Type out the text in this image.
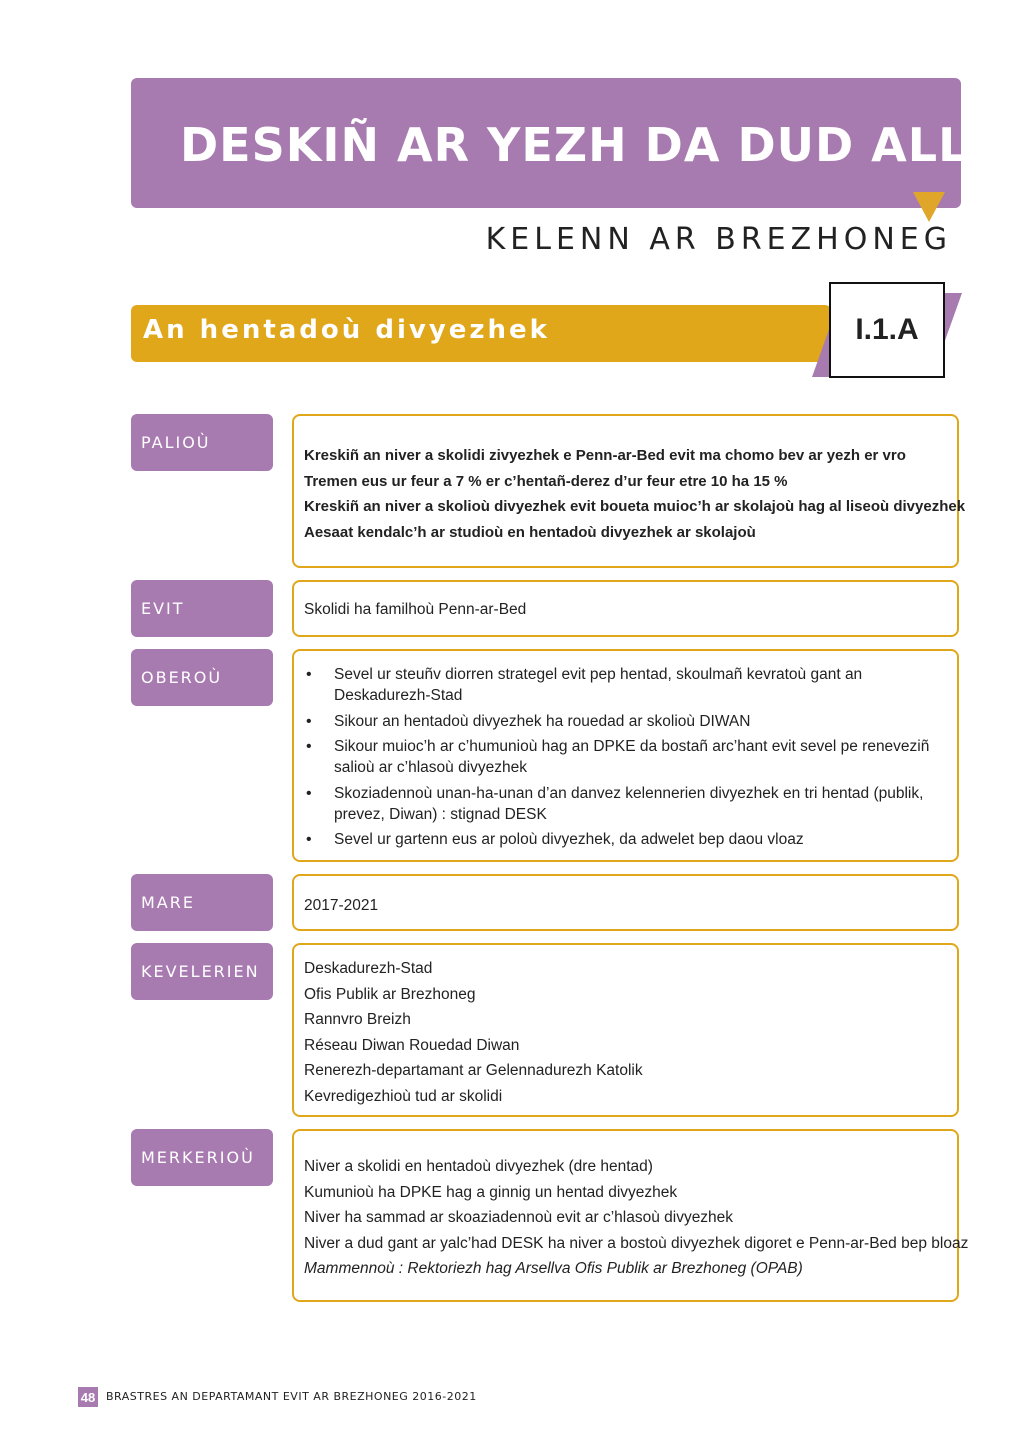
DESKIÑ AR YEZH DA DUD ALL
KELENN AR BREZHONEG
An hentadoù divyezhek	I.1.A
PALIOÙ
Kreskiñ an niver a skolidi zivyezhek e Penn-ar-Bed evit ma chomo bev ar yezh er vro
Tremen eus ur feur a 7 % er c’hentañ-derez d’ur feur etre 10 ha 15 %
Kreskiñ an niver a skolioù divyezhek evit boueta muioc’h ar skolajoù hag al liseoù divyezhek
Aesaat kendalc’h ar studioù en hentadoù divyezhek ar skolajoù
EVIT	Skolidi ha familhoù Penn-ar-Bed
OBEROÙ
•	Sevel ur steuñv diorren strategel evit pep hentad, skoulmañ kevratoù gant an Deskadurezh-Stad
• Sikour an hentadoù divyezhek ha rouedad ar skolioù DIWAN
• Sikour muioc’h ar c’humunioù hag an DPKE da bostañ arc’hant evit sevel pe reneveziñ salioù ar c’hlasoù divyezhek
• Skoziadennoù unan-ha-unan d’an danvez kelennerien divyezhek en tri hentad (publik, prevez, Diwan) : stignad DESK
• Sevel ur gartenn eus ar poloù divyezhek, da adwelet bep daou vloaz
MARE	2017-2021
KEVELERIEN	Deskadurezh-Stad
Ofis Publik ar Brezhoneg
Rannvro Breizh
Réseau Diwan Rouedad Diwan
Renerezh-departamant ar Gelennadurezh Katolik
Kevredigezhioù tud ar skolidi
MERKERIOÙ	Niver a skolidi en hentadoù divyezhek (dre hentad)
Kumunioù ha DPKE hag a ginnig un hentad divyezhek
Niver ha sammad ar skoaziadennoù evit ar c’hlasoù divyezhek
Niver a dud gant ar yalc’had DESK ha niver a bostoù divyezhek digoret e Penn-ar-Bed bep bloaz
Mammennoù : Rektoriezh hag Arsellva Ofis Publik ar Brezhoneg (OPAB)
48 BRASTRES AN DEPARTAMANT EVIT AR BREZHONEG 2016-2021
